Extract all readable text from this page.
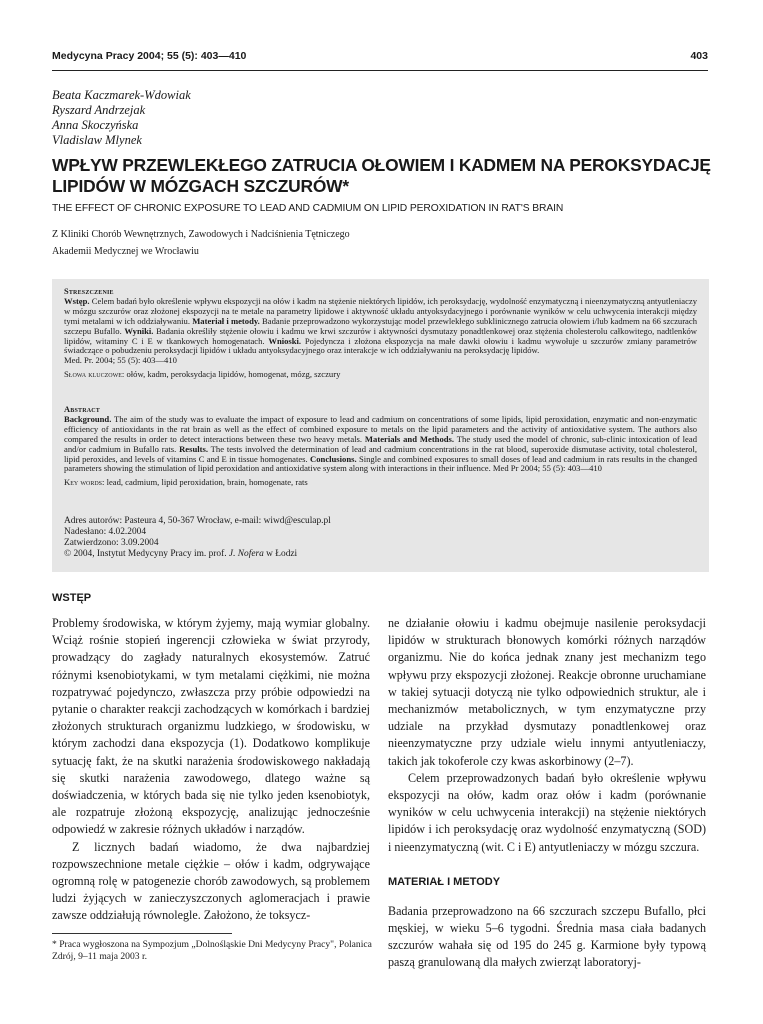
Medycyna Pracy 2004; 55 (5): 403—410	403
Beata Kaczmarek-Wdowiak
Ryszard Andrzejak
Anna Skoczyńska
Vladislaw Mlynek
WPŁYW PRZEWLEKŁEGO ZATRUCIA OŁOWIEM I KADMEM NA PEROKSYDACJĘ
LIPIDÓW W MÓZGACH SZCZURÓW*
THE EFFECT OF CHRONIC EXPOSURE TO LEAD AND CADMIUM ON LIPID PEROXIDATION IN RAT'S BRAIN
Z Kliniki Chorób Wewnętrznych, Zawodowych i Nadciśnienia Tętniczego
Akademii Medycznej we Wrocławiu
Streszczenie
Wstęp. Celem badań było określenie wpływu ekspozycji na ołów i kadm na stężenie niektórych lipidów, ich peroksydację, wydolność enzymatyczną i nieenzymatyczną antyutleniaczy w mózgu szczurów oraz złożonej ekspozycji na te metale na parametry lipidowe i aktywność układu antyoksydacyjnego i porównanie wyników w celu uchwycenia interakcji między tymi metalami w ich oddziaływaniu. Materiał i metody. Badanie przeprowadzono wykorzystując model przewlekłego subklinicznego zatrucia ołowiem i/lub kadmem na 66 szczurach szczepu Bufallo. Wyniki. Badania określiły stężenie ołowiu i kadmu we krwi szczurów i aktywności dysmutazy ponadtlenkowej oraz stężenia cholesterolu całkowitego, nadtlenków lipidów, witaminy C i E w tkankowych homogenatach. Wnioski. Pojedyncza i złożona ekspozycja na małe dawki ołowiu i kadmu wywołuje u szczurów zmiany parametrów świadczące o pobudzeniu peroksydacji lipidów i układu antyoksydacyjnego oraz interakcje w ich oddziaływaniu na peroksydację lipidów.
Med. Pr. 2004; 55 (5): 403—410
Słowa kluczowe: ołów, kadm, peroksydacja lipidów, homogenat, mózg, szczury
Abstract
Background. The aim of the study was to evaluate the impact of exposure to lead and cadmium on concentrations of some lipids, lipid peroxidation, enzymatic and non-enzymatic efficiency of antioxidants in the rat brain as well as the effect of combined exposure to metals on the lipid parameters and the activity of antioxidative system. The authors also compared the results in order to detect interactions between these two heavy metals. Materials and Methods. The study used the model of chronic, sub-clinic intoxication of lead and/or cadmium in Bufallo rats. Results. The tests involved the determination of lead and cadmium concentrations in the rat blood, superoxide dismutase activity, total cholesterol, lipid peroxides, and levels of vitamins C and E in tissue homogenates. Conclusions. Single and combined exposures to small doses of lead and cadmium in rats results in the changed parameters showing the stimulation of lipid peroxidation and antioxidative system along with interactions in their influence. Med Pr 2004; 55 (5): 403—410
Key words: lead, cadmium, lipid peroxidation, brain, homogenate, rats
Adres autorów: Pasteura 4, 50-367 Wrocław, e-mail: wiwd@esculap.pl
Nadesłano: 4.02.2004
Zatwierdzono: 3.09.2004
© 2004, Instytut Medycyny Pracy im. prof. J. Nofera w Łodzi
WSTĘP

Problemy środowiska, w którym żyjemy, mają wymiar globalny. Wciąż rośnie stopień ingerencji człowieka w świat przyrody, prowadzący do zagłady naturalnych ekosystemów. Zatruć różnymi ksenobiotykami, w tym metalami ciężkimi, nie można rozpatrywać pojedynczo, zwłaszcza przy próbie odpowiedzi na pytanie o charakter reakcji zachodzących w komórkach i bardziej złożonych strukturach organizmu ludzkiego, w środowisku, w którym zachodzi dana ekspozycja (1). Dodatkowo komplikuje sytuację fakt, że na skutki narażenia środowiskowego nakładają się skutki narażenia zawodowego, dlatego ważne są doświadczenia, w których bada się nie tylko jeden ksenobiotyk, ale rozpatruje złożoną ekspozycję, analizując jednocześnie odpowiedź w zakresie różnych układów i narządów.

Z licznych badań wiadomo, że dwa najbardziej rozpowszechnione metale ciężkie – ołów i kadm, odgrywające ogromną rolę w patogenezie chorób zawodowych, są problemem ludzi żyjących w zanieczyszczonych aglomeracjach i prawie zawsze oddziałują równolegle. Założono, że toksycz-

ne działanie ołowiu i kadmu obejmuje nasilenie peroksydacji lipidów w strukturach błonowych komórki różnych narządów organizmu. Nie do końca jednak znany jest mechanizm tego wpływu przy ekspozycji złożonej. Reakcje obronne uruchamiane w takiej sytuacji dotyczą nie tylko odpowiednich struktur, ale i mechanizmów metabolicznych, w tym enzymatyczne przy udziale na przykład dysmutazy ponadtlenkowej oraz nieenzymatyczne przy udziale wielu innymi antyutleniaczy, takich jak tokoferole czy kwas askorbinowy (2–7).

Celem przeprowadzonych badań było określenie wpływu ekspozycji na ołów, kadm oraz ołów i kadm (porównanie wyników w celu uchwycenia interakcji) na stężenie niektórych lipidów i ich peroksydację oraz wydolność enzymatyczną (SOD) i nieenzymatyczną (wit. C i E) antyutleniaczy w mózgu szczura.

MATERIAŁ I METODY

Badania przeprowadzono na 66 szczurach szczepu Bufallo, płci męskiej, w wieku 5–6 tygodni. Średnia masa ciała badanych szczurów wahała się od 195 do 245 g. Karmione były typową paszą granulowaną dla małych zwierząt laboratoryj-

* Praca wygłoszona na Sympozjum „Dolnośląskie Dni Medycyny Pracy", Polanica Zdrój, 9–11 maja 2003 r.
